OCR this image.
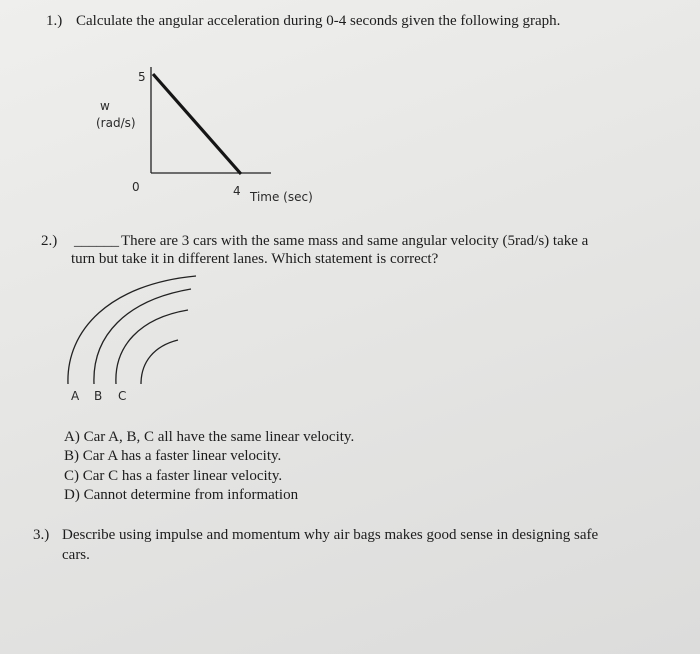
1.) Calculate the angular acceleration during 0-4 seconds given the following graph.
5
w
(rad/s)
0	4 Time (sec)
2.) ______ There are 3 cars with the same mass and same angular velocity (5rad/s) take a
turn but take it in different lanes. Which statement is correct?
A B C
A) Car A, B, C all have the same linear velocity.
B) Car A has a faster linear velocity.
C) Car C has a faster linear velocity.
D) Cannot determine from information
3.) Describe using impulse and momentum why air bags makes good sense in designing safe
cars.
